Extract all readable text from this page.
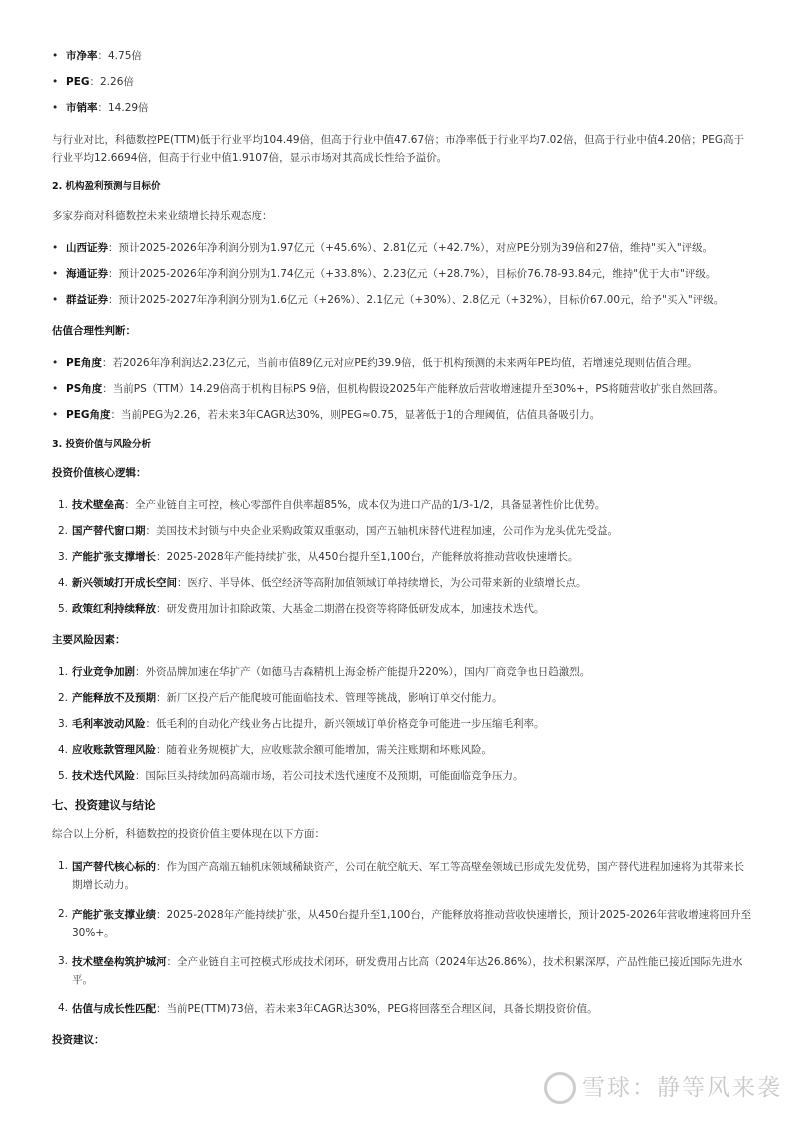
• 市净率：4.75倍
• PEG：2.26倍
• 市销率：14.29倍
与行业对比，科德数控PE(TTM)低于行业平均104.49倍，但高于行业中值47.67倍；市净率低于行业平均7.02倍，但高于行业中值4.20倍；PEG高于行业平均12.6694倍，但高于行业中值1.9107倍，显示市场对其高成长性给予溢价。
2. 机构盈利预测与目标价
多家券商对科德数控未来业绩增长持乐观态度：
• 山西证券：预计2025-2026年净利润分别为1.97亿元（+45.6%）、2.81亿元（+42.7%），对应PE分别为39倍和27倍，维持"买入"评级。
• 海通证券：预计2025-2026年净利润分别为1.74亿元（+33.8%）、2.23亿元（+28.7%），目标价76.78-93.84元，维持"优于大市"评级。
• 群益证券：预计2025-2027年净利润分别为1.6亿元（+26%）、2.1亿元（+30%）、2.8亿元（+32%），目标价67.00元，给予"买入"评级。
估值合理性判断：
• PE角度：若2026年净利润达2.23亿元，当前市值89亿元对应PE约39.9倍，低于机构预测的未来两年PE均值，若增速兑现则估值合理。
• PS角度：当前PS（TTM）14.29倍高于机构目标PS 9倍，但机构假设2025年产能释放后营收增速提升至30%+，PS将随营收扩张自然回落。
• PEG角度：当前PEG为2.26，若未来3年CAGR达30%，则PEG≈0.75，显著低于1的合理阈值，估值具备吸引力。
3. 投资价值与风险分析
投资价值核心逻辑：
1. 技术壁垒高：全产业链自主可控，核心零部件自供率超85%，成本仅为进口产品的1/3-1/2，具备显著性价比优势。
2. 国产替代窗口期：美国技术封锁与中央企业采购政策双重驱动，国产五轴机床替代进程加速，公司作为龙头优先受益。
3. 产能扩张支撑增长：2025-2028年产能持续扩张，从450台提升至1,100台，产能释放将推动营收快速增长。
4. 新兴领域打开成长空间：医疗、半导体、低空经济等高附加值领域订单持续增长，为公司带来新的业绩增长点。
5. 政策红利持续释放：研发费用加计扣除政策、大基金二期潜在投资等将降低研发成本，加速技术迭代。
主要风险因素：
1. 行业竞争加剧：外资品牌加速在华扩产（如德马吉森精机上海金桥产能提升220%），国内厂商竞争也日趋激烈。
2. 产能释放不及预期：新厂区投产后产能爬坡可能面临技术、管理等挑战，影响订单交付能力。
3. 毛利率波动风险：低毛利的自动化产线业务占比提升，新兴领域订单价格竞争可能进一步压缩毛利率。
4. 应收账款管理风险：随着业务规模扩大，应收账款余额可能增加，需关注账期和坏账风险。
5. 技术迭代风险：国际巨头持续加码高端市场，若公司技术迭代速度不及预期，可能面临竞争压力。
七、投资建议与结论
综合以上分析，科德数控的投资价值主要体现在以下方面：
1. 国产替代核心标的：作为国产高端五轴机床领域稀缺资产，公司在航空航天、军工等高壁垒领域已形成先发优势，国产替代进程加速将为其带来长期增长动力。
2. 产能扩张支撑业绩：2025-2028年产能持续扩张，从450台提升至1,100台，产能释放将推动营收快速增长，预计2025-2026年营收增速将回升至30%+。
3. 技术壁垒构筑护城河：全产业链自主可控模式形成技术闭环，研发费用占比高（2024年达26.86%），技术积累深厚，产品性能已接近国际先进水平。
4. 估值与成长性匹配：当前PE(TTM)73倍，若未来3年CAGR达30%，PEG将回落至合理区间，具备长期投资价值。
投资建议：
雪球：静等风来袭
